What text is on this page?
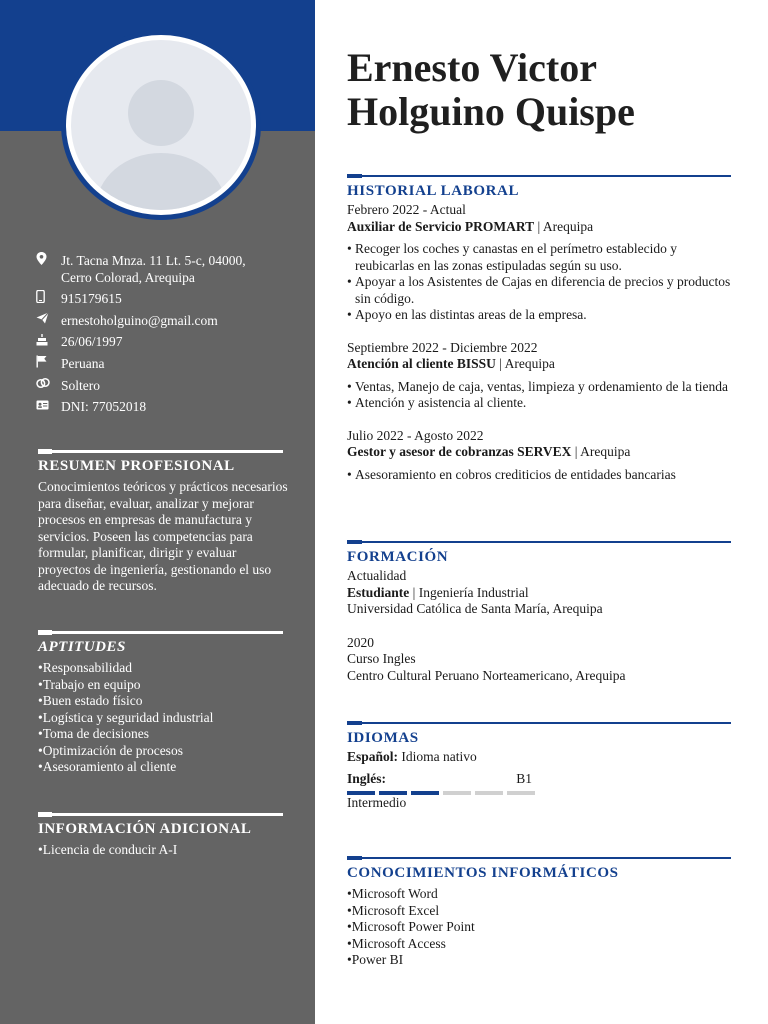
Jt. Tacna Mnza. 11 Lt. 5-c, 04000,
Cerro Colorad, Arequipa
915179615
ernestoholguino@gmail.com
26/06/1997
Peruana
Soltero
DNI: 77052018
RESUMEN PROFESIONAL
Conocimientos teóricos y prácticos necesarios para diseñar, evaluar, analizar y mejorar procesos en empresas de manufactura y servicios. Poseen las competencias para formular, planificar, dirigir y evaluar proyectos de ingeniería, gestionando el uso adecuado de recursos.
APTITUDES
• Responsabilidad
• Trabajo en equipo
• Buen estado físico
• Logística y seguridad industrial
• Toma de decisiones
• Optimización de procesos
• Asesoramiento al cliente
INFORMACIÓN ADICIONAL
• Licencia de conducir A-I
Ernesto Victor
Holguino Quispe
HISTORIAL LABORAL
Febrero 2022 - Actual
Auxiliar de Servicio PROMART | Arequipa
• Recoger los coches y canastas en el perímetro establecido y reubicarlas en las zonas estipuladas según su uso.
• Apoyar a los Asistentes de Cajas en diferencia de precios y productos sin código.
• Apoyo en las distintas areas de la empresa.
Septiembre 2022 - Diciembre 2022
Atención al cliente BISSU | Arequipa
• Ventas, Manejo de caja, ventas, limpieza y ordenamiento de la tienda
• Atención y asistencia al cliente.
Julio 2022 - Agosto 2022
Gestor y asesor de cobranzas SERVEX | Arequipa
• Asesoramiento en cobros crediticios de entidades bancarias
FORMACIÓN
Actualidad
Estudiante | Ingeniería Industrial
Universidad Católica de Santa María, Arequipa
2020
Curso Ingles
Centro Cultural Peruano Norteamericano, Arequipa
IDIOMAS
Español: Idioma nativo
Inglés:	B1
Intermedio
CONOCIMIENTOS INFORMÁTICOS
• Microsoft Word
• Microsoft Excel
• Microsoft Power Point
• Microsoft Access
• Power BI
